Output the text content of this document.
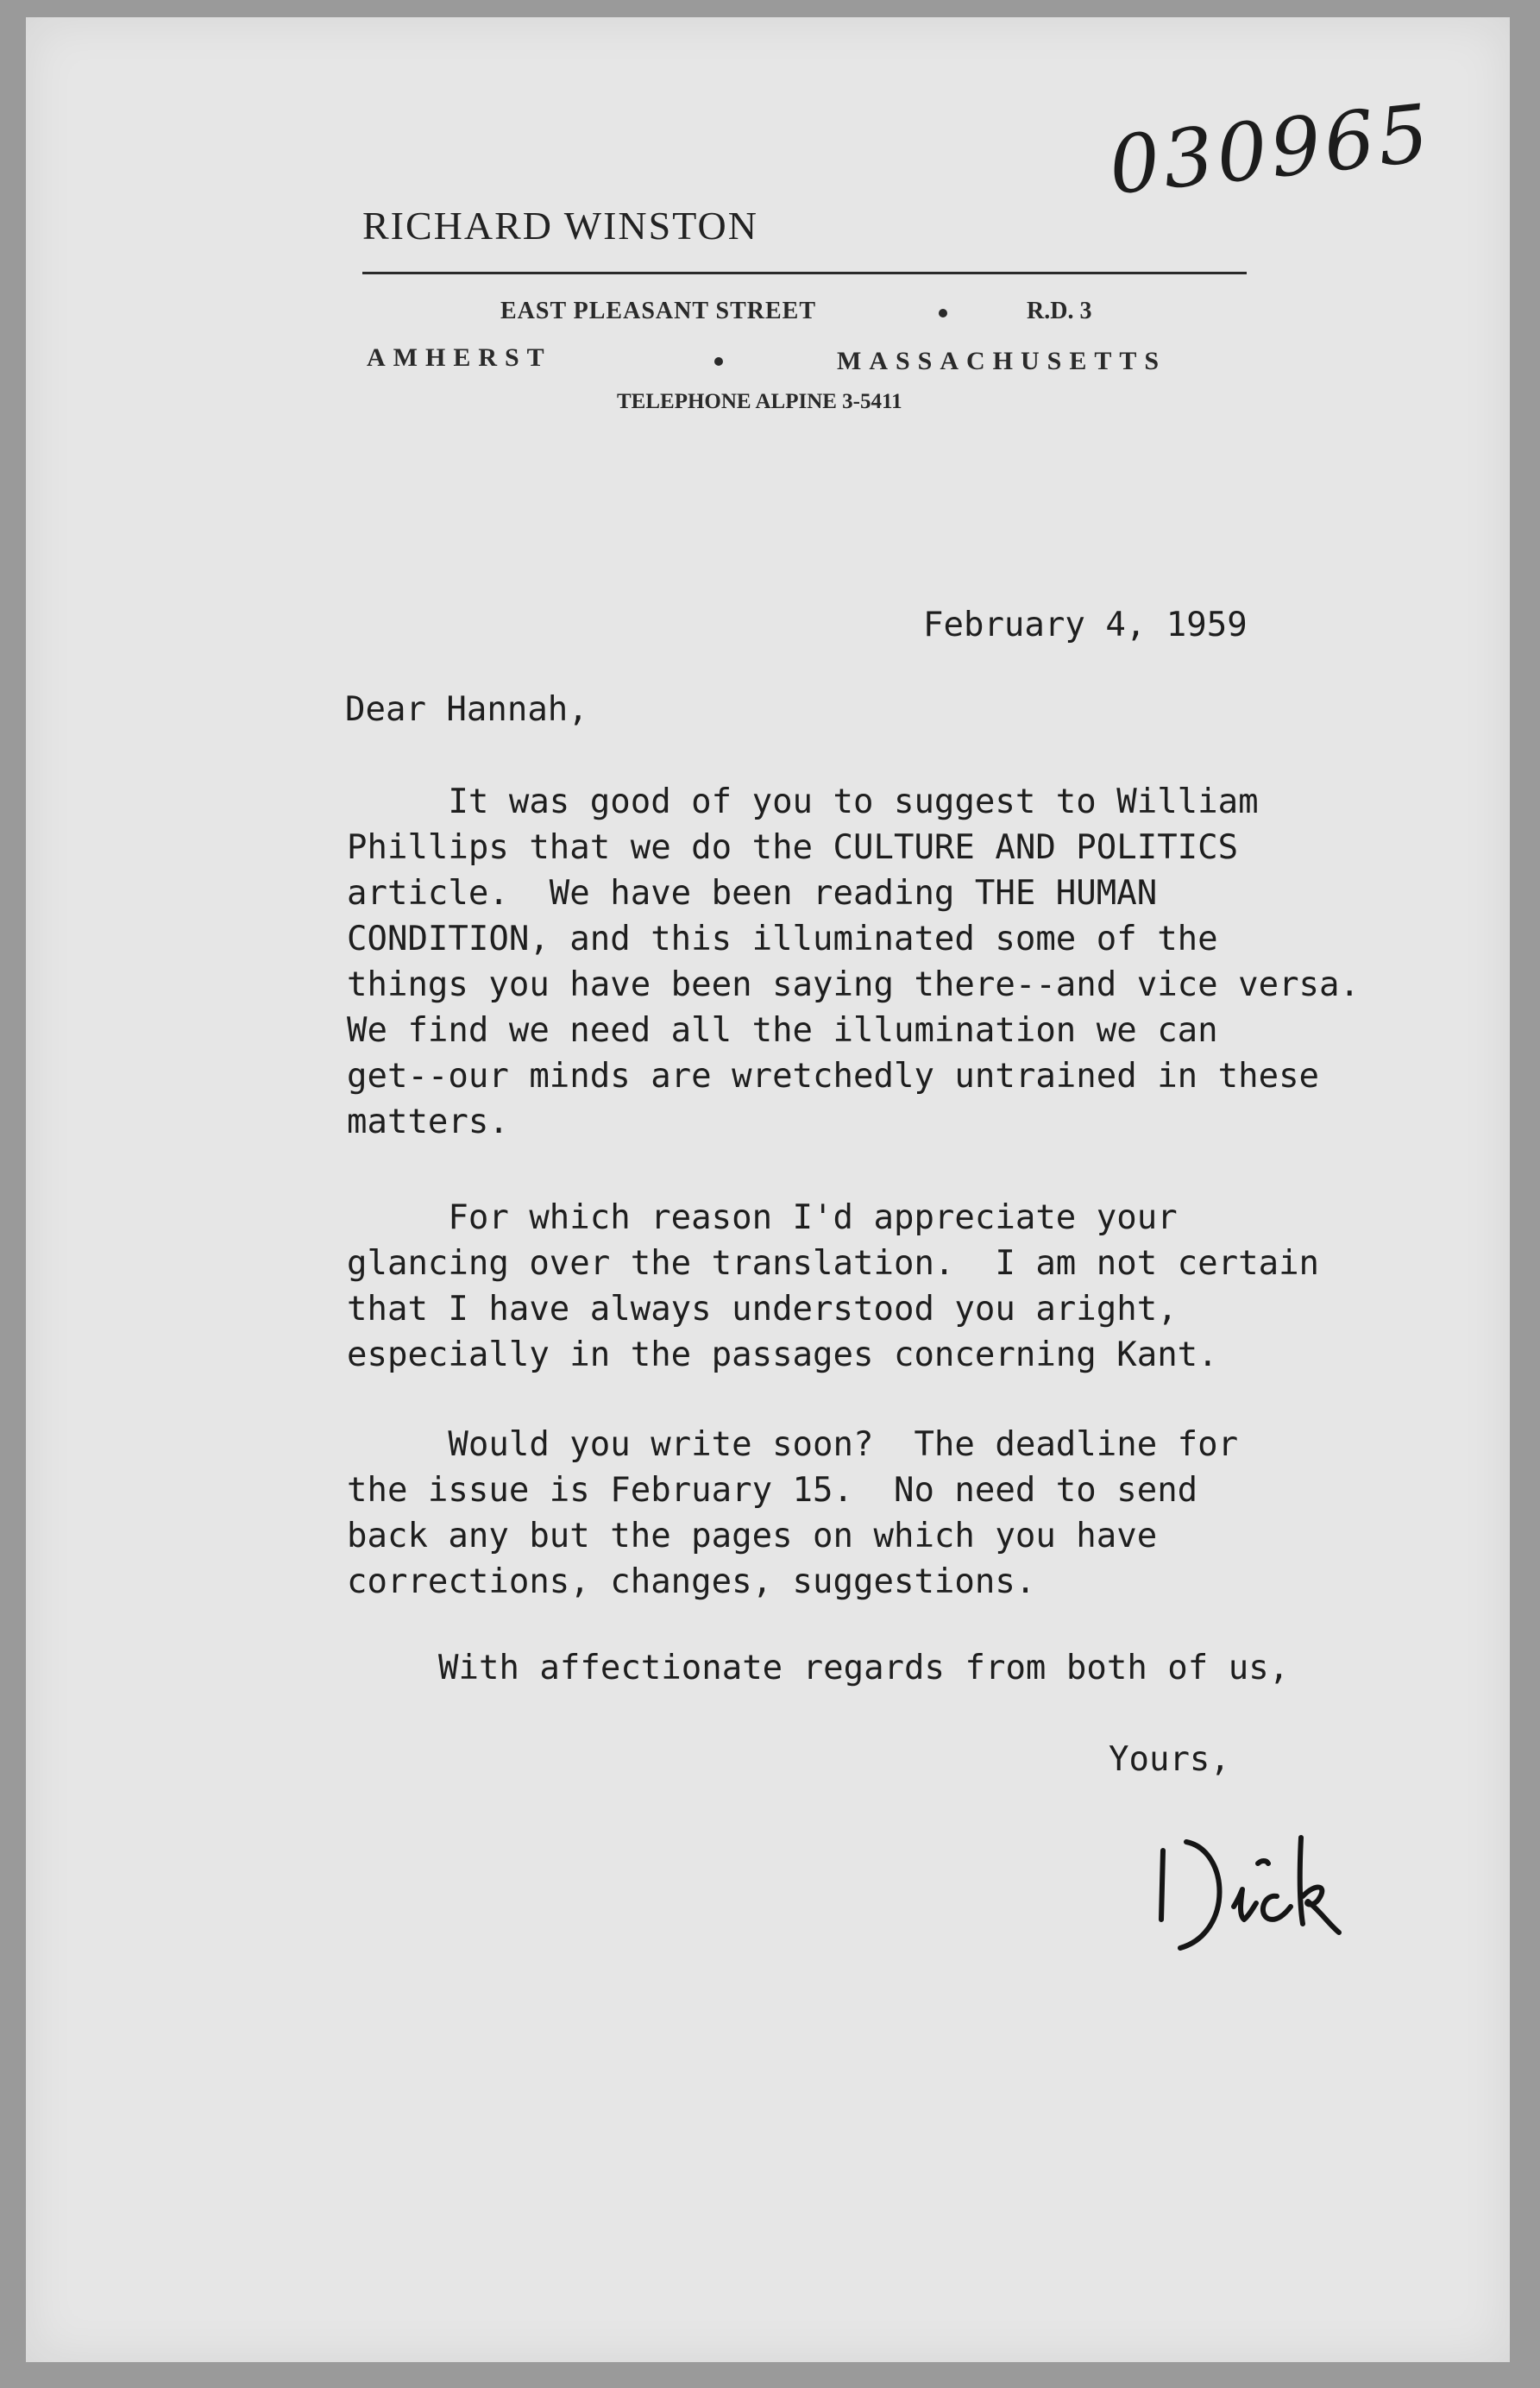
030965
RICHARD WINSTON
EAST PLEASANT STREET	R.D. 3
AMHERST	MASSACHUSETTS
TELEPHONE ALPINE 3-5411
February 4, 1959
Dear Hannah,
It was good of you to suggest to William
Phillips that we do the CULTURE AND POLITICS
article.  We have been reading THE HUMAN
CONDITION, and this illuminated some of the
things you have been saying there--and vice versa.
We find we need all the illumination we can
get--our minds are wretchedly untrained in these
matters.
For which reason I'd appreciate your
glancing over the translation.  I am not certain
that I have always understood you aright,
especially in the passages concerning Kant.
Would you write soon?  The deadline for
the issue is February 15.  No need to send
back any but the pages on which you have
corrections, changes, suggestions.
With affectionate regards from both of us,
Yours,
